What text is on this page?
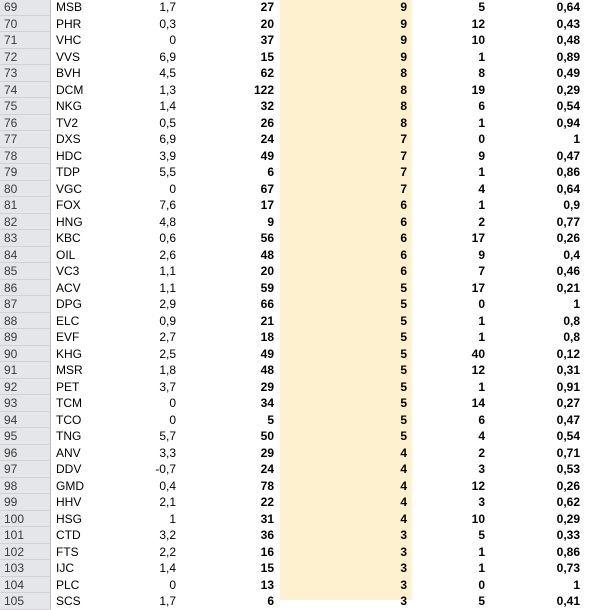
69	MSB	1,7	27	9	5	0,64
70	PHR	0,3	20	9	12	0,43
71	VHC	0	37	9	10	0,48
72	VVS	6,9	15	9	1	0,89
73	BVH	4,5	62	8	8	0,49
74	DCM	1,3	122	8	19	0,29
75	NKG	1,4	32	8	6	0,54
76	TV2	0,5	26	8	1	0,94
77	DXS	6,9	24	7	0	1
78	HDC	3,9	49	7	9	0,47
79	TDP	5,5	6	7	1	0,86
80	VGC	0	67	7	4	0,64
81	FOX	7,6	17	6	1	0,9
82	HNG	4,8	9	6	2	0,77
83	KBC	0,6	56	6	17	0,26
84	OIL	2,6	48	6	9	0,4
85	VC3	1,1	20	6	7	0,46
86	ACV	1,1	59	5	17	0,21
87	DPG	2,9	66	5	0	1
88	ELC	0,9	21	5	1	0,8
89	EVF	2,7	18	5	1	0,8
90	KHG	2,5	49	5	40	0,12
91	MSR	1,8	48	5	12	0,31
92	PET	3,7	29	5	1	0,91
93	TCM	0	34	5	14	0,27
94	TCO	0	5	5	6	0,47
95	TNG	5,7	50	5	4	0,54
96	ANV	3,3	29	4	2	0,71
97	DDV	-0,7	24	4	3	0,53
98	GMD	0,4	78	4	12	0,26
99	HHV	2,1	22	4	3	0,62
100	HSG	1	31	4	10	0,29
101	CTD	3,2	36	3	5	0,33
102	FTS	2,2	16	3	1	0,86
103	IJC	1,4	15	3	1	0,73
104	PLC	0	13	3	0	1
105	SCS	1,7	6	3	5	0,41
